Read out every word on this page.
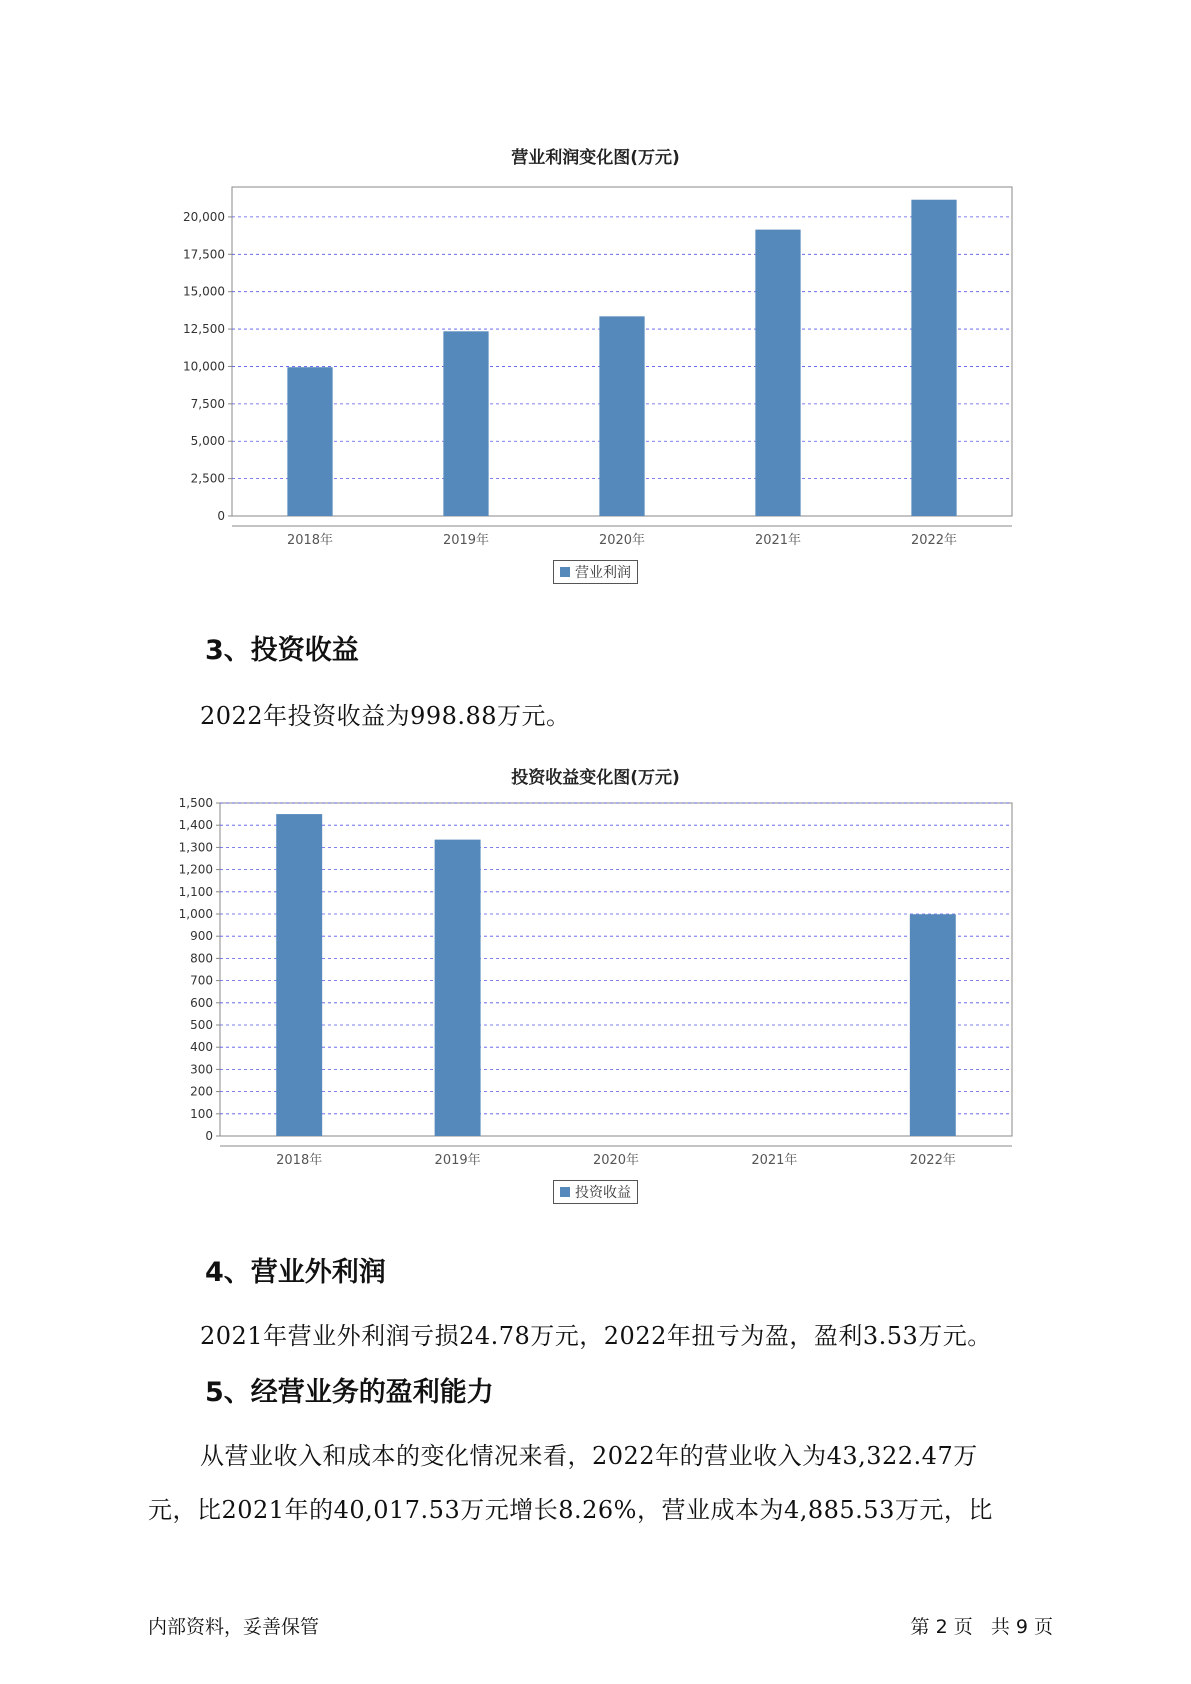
营业利润变化图(万元)
0
2,500
5,000
7,500
10,000
12,500
15,000
17,500
20,000
2018年	2019年	2020年	2021年	2022年
营业利润
3、投资收益
2022年投资收益为998.88万元。
投资收益变化图(万元)
0
100
200
300
400
500
600
700
800
900
1,000
1,100
1,200
1,300
1,400
1,500
2018年	2019年	2020年	2021年	2022年
投资收益
4、营业外利润
2021年营业外利润亏损24.78万元，2022年扭亏为盈，盈利3.53万元。
5、经营业务的盈利能力
从营业收入和成本的变化情况来看，2022年的营业收入为43,322.47万
元，比2021年的40,017.53万元增长8.26%，营业成本为4,885.53万元，比
内部资料，妥善保管	第 2 页   共 9 页
